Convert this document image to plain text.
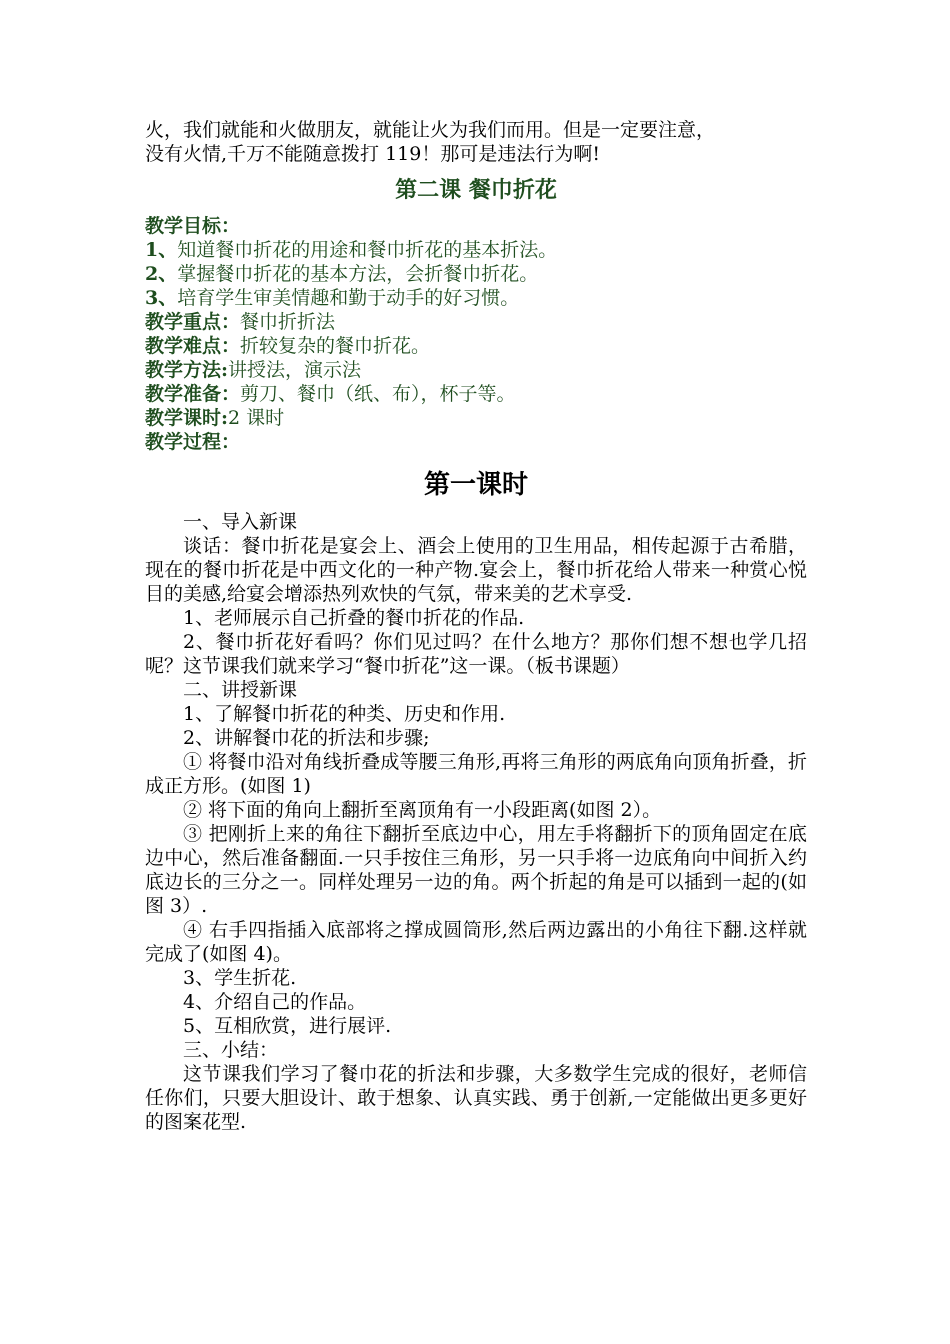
火，我们就能和火做朋友，就能让火为我们而用。但是一定要注意，

没有火情,千万不能随意拨打 119！那可是违法行为啊!

第二课 餐巾折花

教学目标：

1、知道餐巾折花的用途和餐巾折花的基本折法。

2、掌握餐巾折花的基本方法，会折餐巾折花。

3、培育学生审美情趣和勤于动手的好习惯。

教学重点：餐巾折折法

教学难点：折较复杂的餐巾折花。

教学方法:讲授法，演示法

教学准备：剪刀、餐巾（纸、布），杯子等。

教学课时:2 课时

教学过程：

第一课时

一、导入新课

谈话：餐巾折花是宴会上、酒会上使用的卫生用品，相传起源于古希腊，现在的餐巾折花是中西文化的一种产物.宴会上，餐巾折花给人带来一种赏心悦目的美感,给宴会增添热列欢快的气氛，带来美的艺术享受.

1、老师展示自己折叠的餐巾折花的作品.

2、餐巾折花好看吗？你们见过吗？在什么地方？那你们想不想也学几招呢？这节课我们就来学习“餐巾折花”这一课。（板书课题）

二、讲授新课

1、了解餐巾折花的种类、历史和作用.

2、讲解餐巾花的折法和步骤;

① 将餐巾沿对角线折叠成等腰三角形,再将三角形的两底角向顶角折叠，折成正方形。(如图 1)

② 将下面的角向上翻折至离顶角有一小段距离(如图 2）。

③ 把刚折上来的角往下翻折至底边中心，用左手将翻折下的顶角固定在底边中心，然后准备翻面.一只手按住三角形，另一只手将一边底角向中间折入约底边长的三分之一。同样处理另一边的角。两个折起的角是可以插到一起的(如图 3）.

④ 右手四指插入底部将之撑成圆筒形,然后两边露出的小角往下翻.这样就完成了(如图 4)。

3、学生折花.

4、介绍自己的作品。

5、互相欣赏，进行展评.

三、小结：

这节课我们学习了餐巾花的折法和步骤，大多数学生完成的很好，老师信任你们，只要大胆设计、敢于想象、认真实践、勇于创新,一定能做出更多更好的图案花型.
